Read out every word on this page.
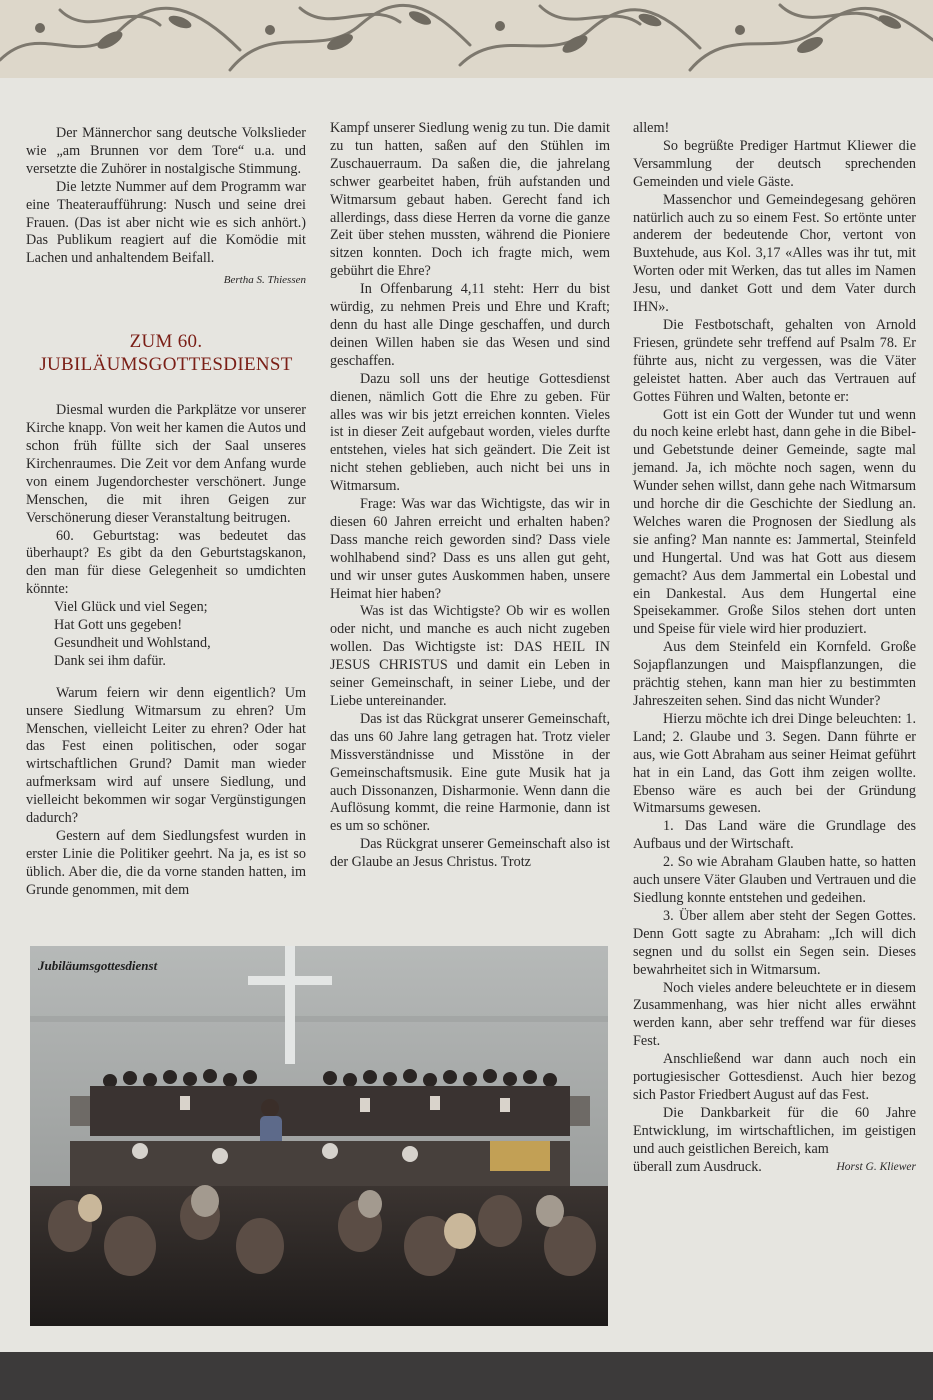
Der Männerchor sang deutsche Volkslieder wie „am Brunnen vor dem Tore“ u.a. und versetzte die Zuhörer in nostalgische Stimmung.

Die letzte Nummer auf dem Programm war eine Theateraufführung: Nusch und seine drei Frauen. (Das ist aber nicht wie es sich anhört.) Das Publikum reagiert auf die Komödie mit Lachen und anhaltendem Beifall.

Bertha S. Thiessen
ZUM 60.
JUBILÄUMSGOTTESDIENST

Diesmal wurden die Parkplätze vor unserer Kirche knapp. Von weit her kamen die Autos und schon früh füllte sich der Saal unseres Kirchenraumes. Die Zeit vor dem Anfang wurde von einem Jugendorchester verschönert. Junge Menschen, die mit ihren Geigen zur Verschönerung dieser Veranstaltung beitrugen.

60. Geburtstag: was bedeutet das überhaupt? Es gibt da den Geburtstagskanon, den man für diese Gelegenheit so umdichten könnte:

Viel Glück und viel Segen;
Hat Gott uns gegeben!
Gesundheit und Wohlstand,
Dank sei ihm dafür.

Warum feiern wir denn eigentlich? Um unsere Siedlung Witmarsum zu ehren? Um Menschen, vielleicht Leiter zu ehren? Oder hat das Fest einen politischen, oder sogar wirtschaftlichen Grund? Damit man wieder aufmerksam wird auf unsere Siedlung, und vielleicht bekommen wir sogar Vergünstigungen dadurch?

Gestern auf dem Siedlungsfest wurden in erster Linie die Politiker geehrt. Na ja, es ist so üblich. Aber die, die da vorne standen hatten, im Grunde genommen, mit dem

Kampf unserer Siedlung wenig zu tun. Die damit zu tun hatten, saßen auf den Stühlen im Zuschauerraum. Da saßen die, die jahrelang schwer gearbeitet haben, früh aufstanden und Witmarsum gebaut haben. Gerecht fand ich allerdings, dass diese Herren da vorne die ganze Zeit über stehen mussten, während die Pioniere sitzen konnten. Doch ich fragte mich, wem gebührt die Ehre?

In Offenbarung 4,11 steht: Herr du bist würdig, zu nehmen Preis und Ehre und Kraft; denn du hast alle Dinge geschaffen, und durch deinen Willen haben sie das Wesen und sind geschaffen.

Dazu soll uns der heutige Gottesdienst dienen, nämlich Gott die Ehre zu geben. Für alles was wir bis jetzt erreichen konnten. Vieles ist in dieser Zeit aufgebaut worden, vieles durfte entstehen, vieles hat sich geändert. Die Zeit ist nicht stehen geblieben, auch nicht bei uns in Witmarsum.

Frage: Was war das Wichtigste, das wir in diesen 60 Jahren erreicht und erhalten haben? Dass manche reich geworden sind? Dass viele wohlhabend sind? Dass es uns allen gut geht, und wir unser gutes Auskommen haben, unsere Heimat hier haben?

Was ist das Wichtigste? Ob wir es wollen oder nicht, und manche es auch nicht zugeben wollen. Das Wichtigste ist: DAS HEIL IN JESUS CHRISTUS und damit ein Leben in seiner Gemeinschaft, in seiner Liebe, und der Liebe untereinander.

Das ist das Rückgrat unserer Gemeinschaft, das uns 60 Jahre lang getragen hat. Trotz vieler Missverständnisse und Misstöne in der Gemeinschaftsmusik. Eine gute Musik hat ja auch Dissonanzen, Disharmonie. Wenn dann die Auflösung kommt, die reine Harmonie, dann ist es um so schöner.

Das Rückgrat unserer Gemeinschaft also ist der Glaube an Jesus Christus. Trotz

allem!

So begrüßte Prediger Hartmut Kliewer die Versammlung der deutsch sprechenden Gemeinden und viele Gäste.

Massenchor und Gemeindegesang gehören natürlich auch zu so einem Fest. So ertönte unter anderem der bedeutende Chor, vertont von Buxtehude, aus Kol. 3,17 «Alles was ihr tut, mit Worten oder mit Werken, das tut alles im Namen Jesu, und danket Gott und dem Vater durch IHN».

Die Festbotschaft, gehalten von Arnold Friesen, gründete sehr treffend auf Psalm 78. Er führte aus, nicht zu vergessen, was die Väter geleistet hatten. Aber auch das Vertrauen auf Gottes Führen und Walten, betonte er:

Gott ist ein Gott der Wunder tut und wenn du noch keine erlebt hast, dann gehe in die Bibel- und Gebetstunde deiner Gemeinde, sagte mal jemand. Ja, ich möchte noch sagen, wenn du Wunder sehen willst, dann gehe nach Witmarsum und horche dir die Geschichte der Siedlung an. Welches waren die Prognosen der Siedlung als sie anfing? Man nannte es: Jammertal, Steinfeld und Hungertal. Und was hat Gott aus diesem gemacht? Aus dem Jammertal ein Lobestal und ein Dankestal. Aus dem Hungertal eine Speisekammer. Große Silos stehen dort unten und Speise für viele wird hier produziert.

Aus dem Steinfeld ein Kornfeld. Große Sojapflanzungen und Maispflanzungen, die prächtig stehen, kann man hier zu bestimmten Jahreszeiten sehen. Sind das nicht Wunder?

Hierzu möchte ich drei Dinge beleuchten: 1. Land; 2. Glaube und 3. Segen. Dann führte er aus, wie Gott Abraham aus seiner Heimat geführt hat in ein Land, das Gott ihm zeigen wollte. Ebenso wäre es auch bei der Gründung Witmarsums gewesen.

1. Das Land wäre die Grundlage des Aufbaus und der Wirtschaft.

2. So wie Abraham Glauben hatte, so hatten auch unsere Väter Glauben und Vertrauen und die Siedlung konnte entstehen und gedeihen.

3. Über allem aber steht der Segen Gottes. Denn Gott sagte zu Abraham: „Ich will dich segnen und du sollst ein Segen sein. Dieses bewahrheitet sich in Witmarsum.

Noch vieles andere beleuchtete er in diesem Zusammenhang, was hier nicht alles erwähnt werden kann, aber sehr treffend war für dieses Fest.

Anschließend war dann auch noch ein portugiesischer Gottesdienst. Auch hier bezog sich Pastor Friedbert August auf das Fest.

Die Dankbarkeit für die 60 Jahre Entwicklung, im wirtschaftlichen, im geistigen und auch geistlichen Bereich, kam

überall zum Ausdruck.	Horst G. Kliewer
Jubiläumsgottesdienst
